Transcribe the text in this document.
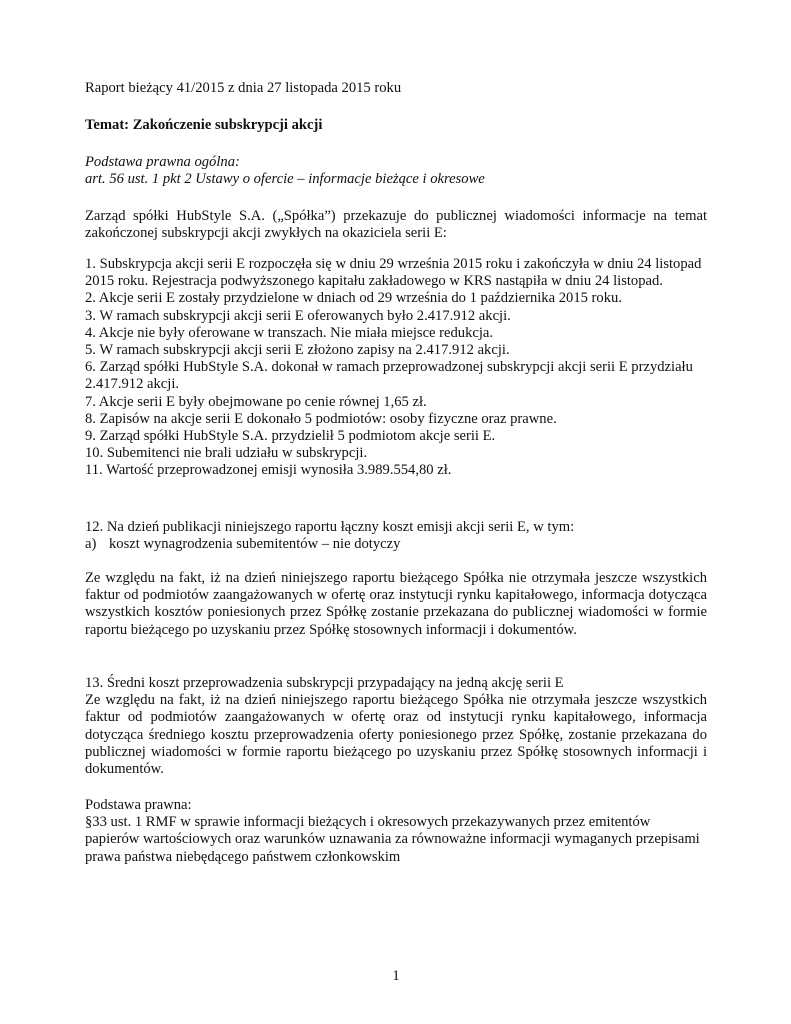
Raport bieżący 41/2015 z dnia 27 listopada 2015 roku
Temat: Zakończenie subskrypcji akcji
Podstawa prawna ogólna:
art. 56 ust. 1 pkt 2 Ustawy o ofercie – informacje bieżące i okresowe
Zarząd spółki HubStyle S.A. („Spółka”) przekazuje do publicznej wiadomości informacje na temat zakończonej subskrypcji akcji zwykłych na okaziciela serii E:
1. Subskrypcja akcji serii E rozpoczęła się w dniu 29 września 2015 roku i zakończyła w dniu 24 listopad 2015 roku. Rejestracja podwyższonego kapitału zakładowego w KRS nastąpiła w dniu 24 listopad.
2. Akcje serii E zostały przydzielone w dniach od 29 września do 1 października 2015 roku.
3. W ramach subskrypcji akcji serii E oferowanych było 2.417.912 akcji.
4. Akcje nie były oferowane w transzach. Nie miała miejsce redukcja.
5. W ramach subskrypcji akcji serii E złożono zapisy na 2.417.912 akcji.
6. Zarząd spółki HubStyle S.A. dokonał w ramach przeprowadzonej subskrypcji akcji serii E przydziału 2.417.912 akcji.
7. Akcje serii E były obejmowane po cenie równej 1,65 zł.
8. Zapisów na akcje serii E dokonało 5 podmiotów: osoby fizyczne oraz prawne.
9. Zarząd spółki HubStyle S.A. przydzielił 5 podmiotom akcje serii E.
10. Subemitenci nie brali udziału w subskrypcji.
11. Wartość przeprowadzonej emisji wynosiła 3.989.554,80 zł.
12. Na dzień publikacji niniejszego raportu łączny koszt emisji akcji serii E, w tym:
a) koszt wynagrodzenia subemitentów – nie dotyczy
Ze względu na fakt, iż na dzień niniejszego raportu bieżącego Spółka nie otrzymała jeszcze wszystkich faktur od podmiotów zaangażowanych w ofertę oraz instytucji rynku kapitałowego, informacja dotycząca wszystkich kosztów poniesionych przez Spółkę zostanie przekazana do publicznej wiadomości w formie raportu bieżącego po uzyskaniu przez Spółkę stosownych informacji i dokumentów.
13. Średni koszt przeprowadzenia subskrypcji przypadający na jedną akcję serii E
Ze względu na fakt, iż na dzień niniejszego raportu bieżącego Spółka nie otrzymała jeszcze wszystkich faktur od podmiotów zaangażowanych w ofertę oraz od instytucji rynku kapitałowego, informacja dotycząca średniego kosztu przeprowadzenia oferty poniesionego przez Spółkę, zostanie przekazana do publicznej wiadomości w formie raportu bieżącego po uzyskaniu przez Spółkę stosownych informacji i dokumentów.
Podstawa prawna:
§33 ust. 1 RMF w sprawie informacji bieżących i okresowych przekazywanych przez emitentów papierów wartościowych oraz warunków uznawania za równoważne informacji wymaganych przepisami prawa państwa niebędącego państwem członkowskim
1
